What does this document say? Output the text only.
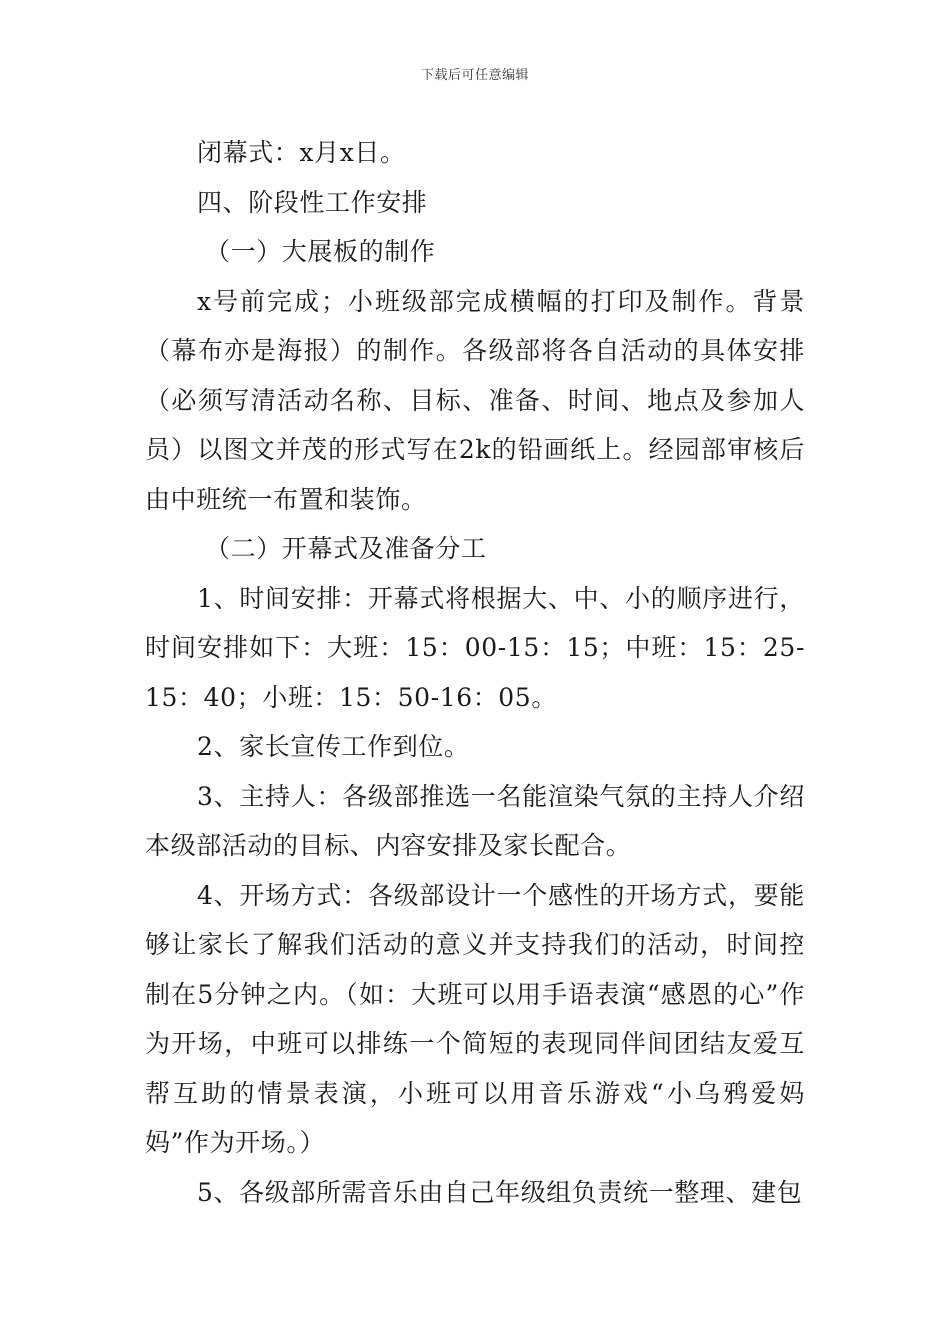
下载后可任意编辑

闭幕式：x月x日。

四、阶段性工作安排

（一）大展板的制作

x号前完成；小班级部完成横幅的打印及制作。背景（幕布亦是海报）的制作。各级部将各自活动的具体安排（必须写清活动名称、目标、准备、时间、地点及参加人员）以图文并茂的形式写在2k的铅画纸上。经园部审核后由中班统一布置和装饰。

（二）开幕式及准备分工

1、时间安排：开幕式将根据大、中、小的顺序进行，时间安排如下：大班：15：00-15：15；中班：15：25-15：40；小班：15：50-16：05。

2、家长宣传工作到位。

3、主持人：各级部推选一名能渲染气氛的主持人介绍本级部活动的目标、内容安排及家长配合。

4、开场方式：各级部设计一个感性的开场方式，要能够让家长了解我们活动的意义并支持我们的活动，时间控制在5分钟之内。（如：大班可以用手语表演“感恩的心”作为开场，中班可以排练一个简短的表现同伴间团结友爱互帮互助的情景表演，小班可以用音乐游戏“小乌鸦爱妈妈”作为开场。）

5、各级部所需音乐由自己年级组负责统一整理、建包
